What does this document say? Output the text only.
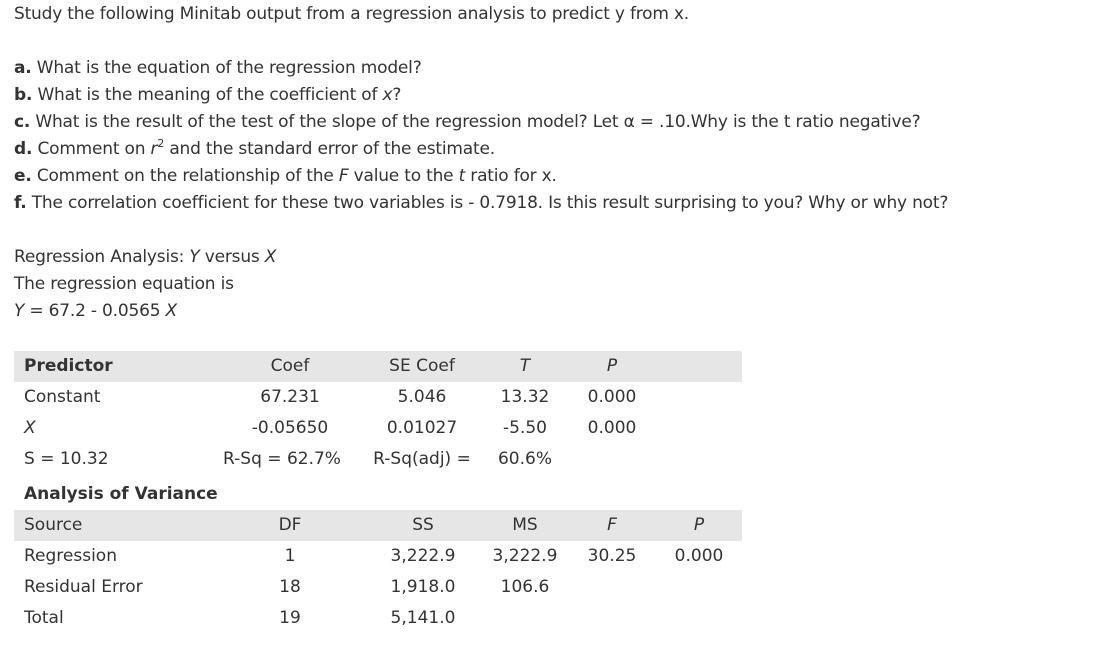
Study the following Minitab output from a regression analysis to predict y from x.
a. What is the equation of the regression model?
b. What is the meaning of the coefficient of x?
c. What is the result of the test of the slope of the regression model? Let α = .10.Why is the t ratio negative?
d. Comment on $r^2$ and the standard error of the estimate.
e. Comment on the relationship of the F value to the t ratio for x.
f. The correlation coefficient for these two variables is - 0.7918. Is this result surprising to you? Why or why not?
Regression Analysis: Y versus X
The regression equation is
Y = 67.2 - 0.0565 X
Predictor	Coef	SE Coef	T	P
Constant	67.231	5.046	13.32 0.000
X	-0.05650	0.01027	-5.50 0.000
S = 10.32	R-Sq = 62.7% R-Sq(adj) = 60.6%
Analysis of Variance
Source	DF	SS	MS	F	P
Regression	1	3,222.9 3,222.9 30.25 0.000
Residual Error	18	1,918.0	106.6
Total	19	5,141.0
